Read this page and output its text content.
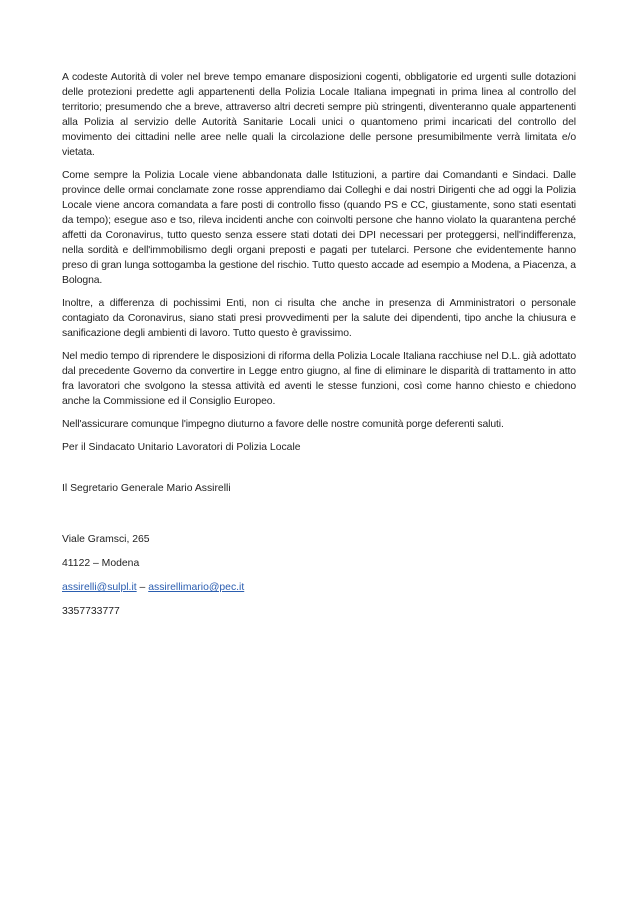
A codeste Autorità di voler nel breve tempo emanare disposizioni cogenti, obbligatorie ed urgenti sulle dotazioni delle protezioni predette agli appartenenti della Polizia Locale Italiana impegnati in prima linea al controllo del territorio; presumendo che a breve, attraverso altri decreti sempre più stringenti, diventeranno quale appartenenti alla Polizia al servizio delle Autorità Sanitarie Locali unici o quantomeno primi incaricati del controllo del movimento dei cittadini nelle aree nelle quali la circolazione delle persone presumibilmente verrà limitata e/o vietata.

Come sempre la Polizia Locale viene abbandonata dalle Istituzioni, a partire dai Comandanti e Sindaci. Dalle province delle ormai conclamate zone rosse apprendiamo dai Colleghi e dai nostri Dirigenti che ad oggi la Polizia Locale viene ancora comandata a fare posti di controllo fisso (quando PS e CC, giustamente, sono stati esentati da tempo); esegue aso e tso, rileva incidenti anche con coinvolti persone che hanno violato la quarantena perché affetti da Coronavirus, tutto questo senza essere stati dotati dei DPI necessari per proteggersi, nell'indifferenza, nella sordità e dell'immobilismo degli organi preposti e pagati per tutelarci. Persone che evidentemente hanno preso di gran lunga sottogamba la gestione del rischio. Tutto questo accade ad esempio a Modena, a Piacenza, a Bologna.

Inoltre, a differenza di pochissimi Enti, non ci risulta che anche in presenza di Amministratori o personale contagiato da Coronavirus, siano stati presi provvedimenti per la salute dei dipendenti, tipo anche la chiusura e sanificazione degli ambienti di lavoro. Tutto questo è gravissimo.

Nel medio tempo di riprendere le disposizioni di riforma della Polizia Locale Italiana racchiuse nel D.L. già adottato dal precedente Governo da convertire in Legge entro giugno, al fine di eliminare le disparità di trattamento in atto fra lavoratori che svolgono la stessa attività ed aventi le stesse funzioni, così come hanno chiesto e chiedono anche la Commissione ed il Consiglio Europeo.

Nell'assicurare comunque l'impegno diuturno a favore delle nostre comunità porge deferenti saluti.

Per il Sindacato Unitario Lavoratori di Polizia Locale

Il Segretario Generale Mario Assirelli

Viale Gramsci, 265

41122 – Modena

assirelli@sulpl.it – assirellimario@pec.it

3357733777
